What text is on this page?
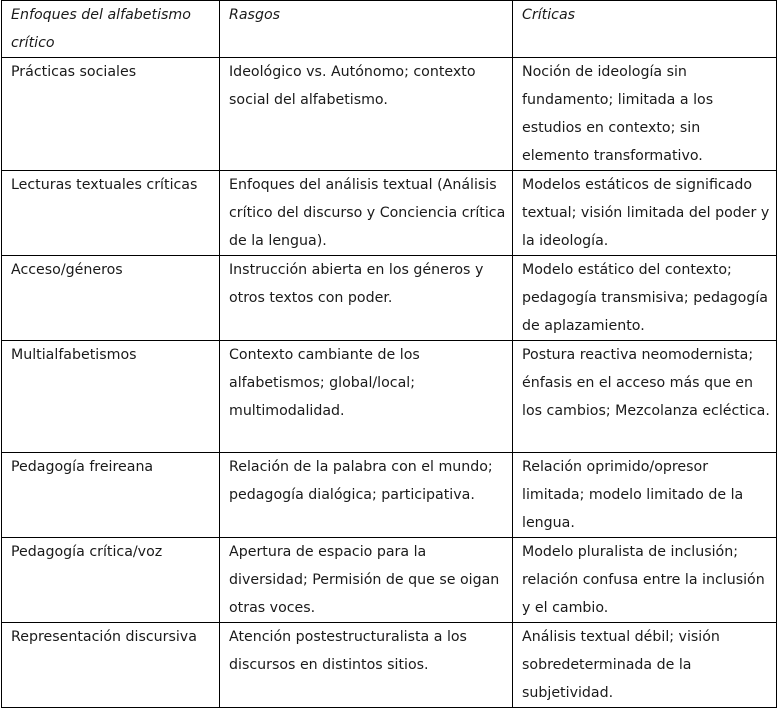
Enfoques del alfabetismo crítico	Rasgos	Críticas
Prácticas sociales	Ideológico vs. Autónomo; contexto social del alfabetismo.	Noción de ideología sin fundamento; limitada a los estudios en contexto; sin elemento transformativo.
Lecturas textuales críticas	Enfoques del análisis textual (Análisis crítico del discurso y Conciencia crítica de la lengua).	Modelos estáticos de significado textual; visión limitada del poder y la ideología.
Acceso/géneros	Instrucción abierta en los géneros y otros textos con poder.	Modelo estático del contexto; pedagogía transmisiva; pedagogía de aplazamiento.
Multialfabetismos	Contexto cambiante de los alfabetismos; global/local; multimodalidad.	Postura reactiva neomodernista; énfasis en el acceso más que en los cambios; Mezcolanza ecléctica.
Pedagogía freireana	Relación de la palabra con el mundo; pedagogía dialógica; participativa.	Relación oprimido/opresor limitada; modelo limitado de la lengua.
Pedagogía crítica/voz	Apertura de espacio para la diversidad; Permisión de que se oigan otras voces.	Modelo pluralista de inclusión; relación confusa entre la inclusión y el cambio.
Representación discursiva	Atención postestructuralista a los discursos en distintos sitios.	Análisis textual débil; visión sobredeterminada de la subjetividad.
